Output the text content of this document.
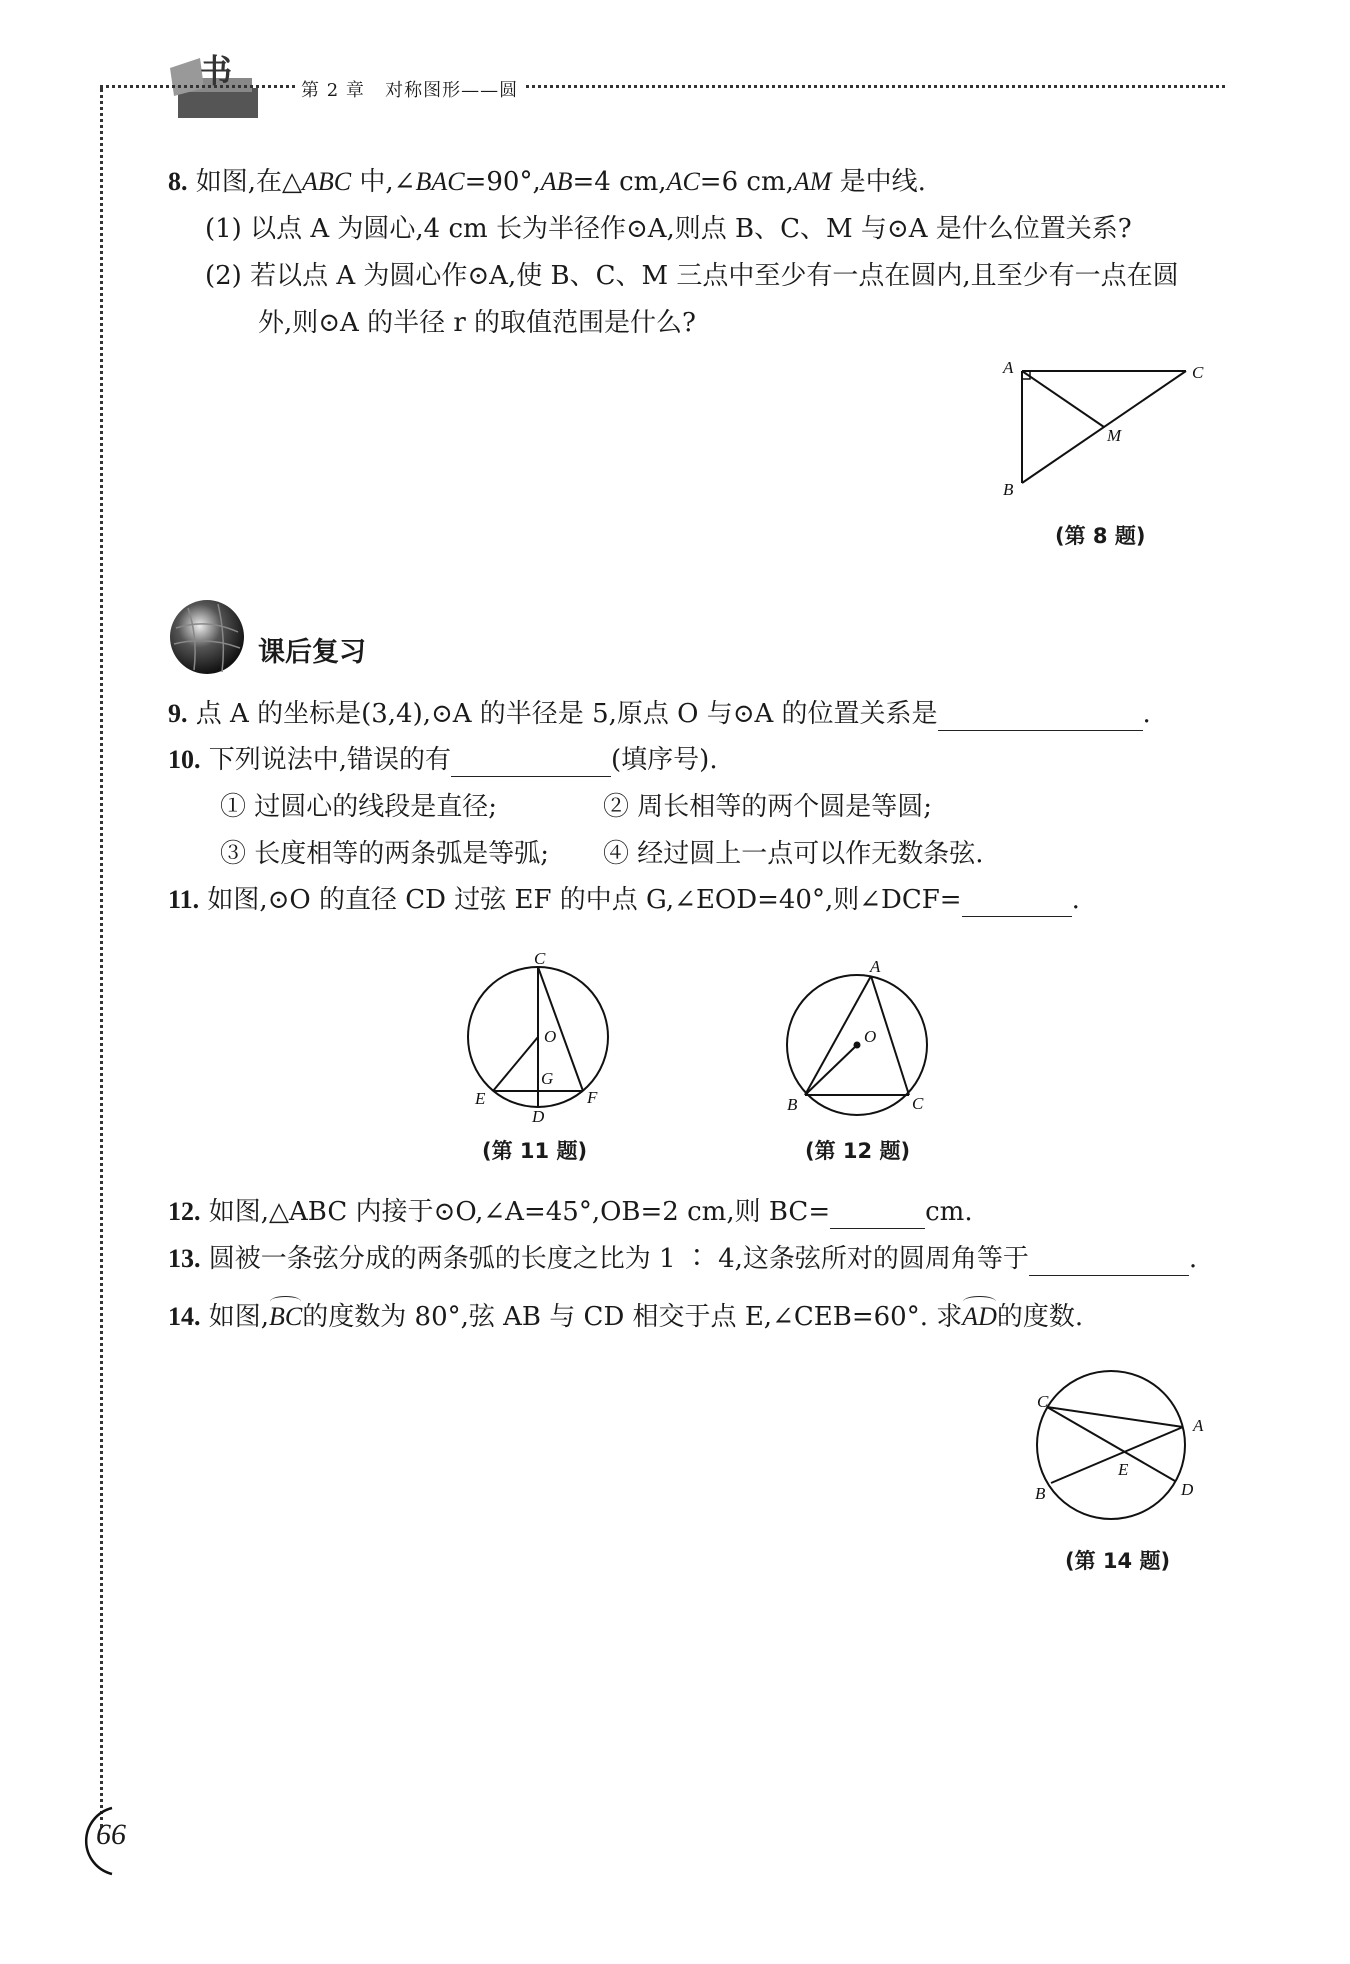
书
第 2 章 对称图形——圆
8. 如图,在△ABC 中,∠BAC=90°,AB=4 cm,AC=6 cm,AM 是中线.
(1) 以点 A 为圆心,4 cm 长为半径作⊙A,则点 B、C、M 与⊙A 是什么位置关系?
(2) 若以点 A 为圆心作⊙A,使 B、C、M 三点中至少有一点在圆内,且至少有一点在圆
外,则⊙A 的半径 r 的取值范围是什么?
A	C
M
B
(第 8 题)
课后复习
9. 点 A 的坐标是(3,4),⊙A 的半径是 5,原点 O 与⊙A 的位置关系是	.
10. 下列说法中,错误的有	(填序号).
① 过圆心的线段是直径;	② 周长相等的两个圆是等圆;
③ 长度相等的两条弧是等弧; ④ 经过圆上一点可以作无数条弦.
11. 如图,⊙O 的直径 CD 过弦 EF 的中点 G,∠EOD=40°,则∠DCF=	.
C
O
G
E	F
D
(第 11 题)
A
O
B	C
(第 12 题)
12. 如图,△ABC 内接于⊙O,∠A=45°,OB=2 cm,则 BC=	cm.
13. 圆被一条弦分成的两条弧的长度之比为 1 ∶ 4,这条弦所对的圆周角等于	.
14. 如图,BC的度数为 80°,弦 AB 与 CD 相交于点 E,∠CEB=60°. 求AD的度数.
C
A
E
B	D
(第 14 题)
66
